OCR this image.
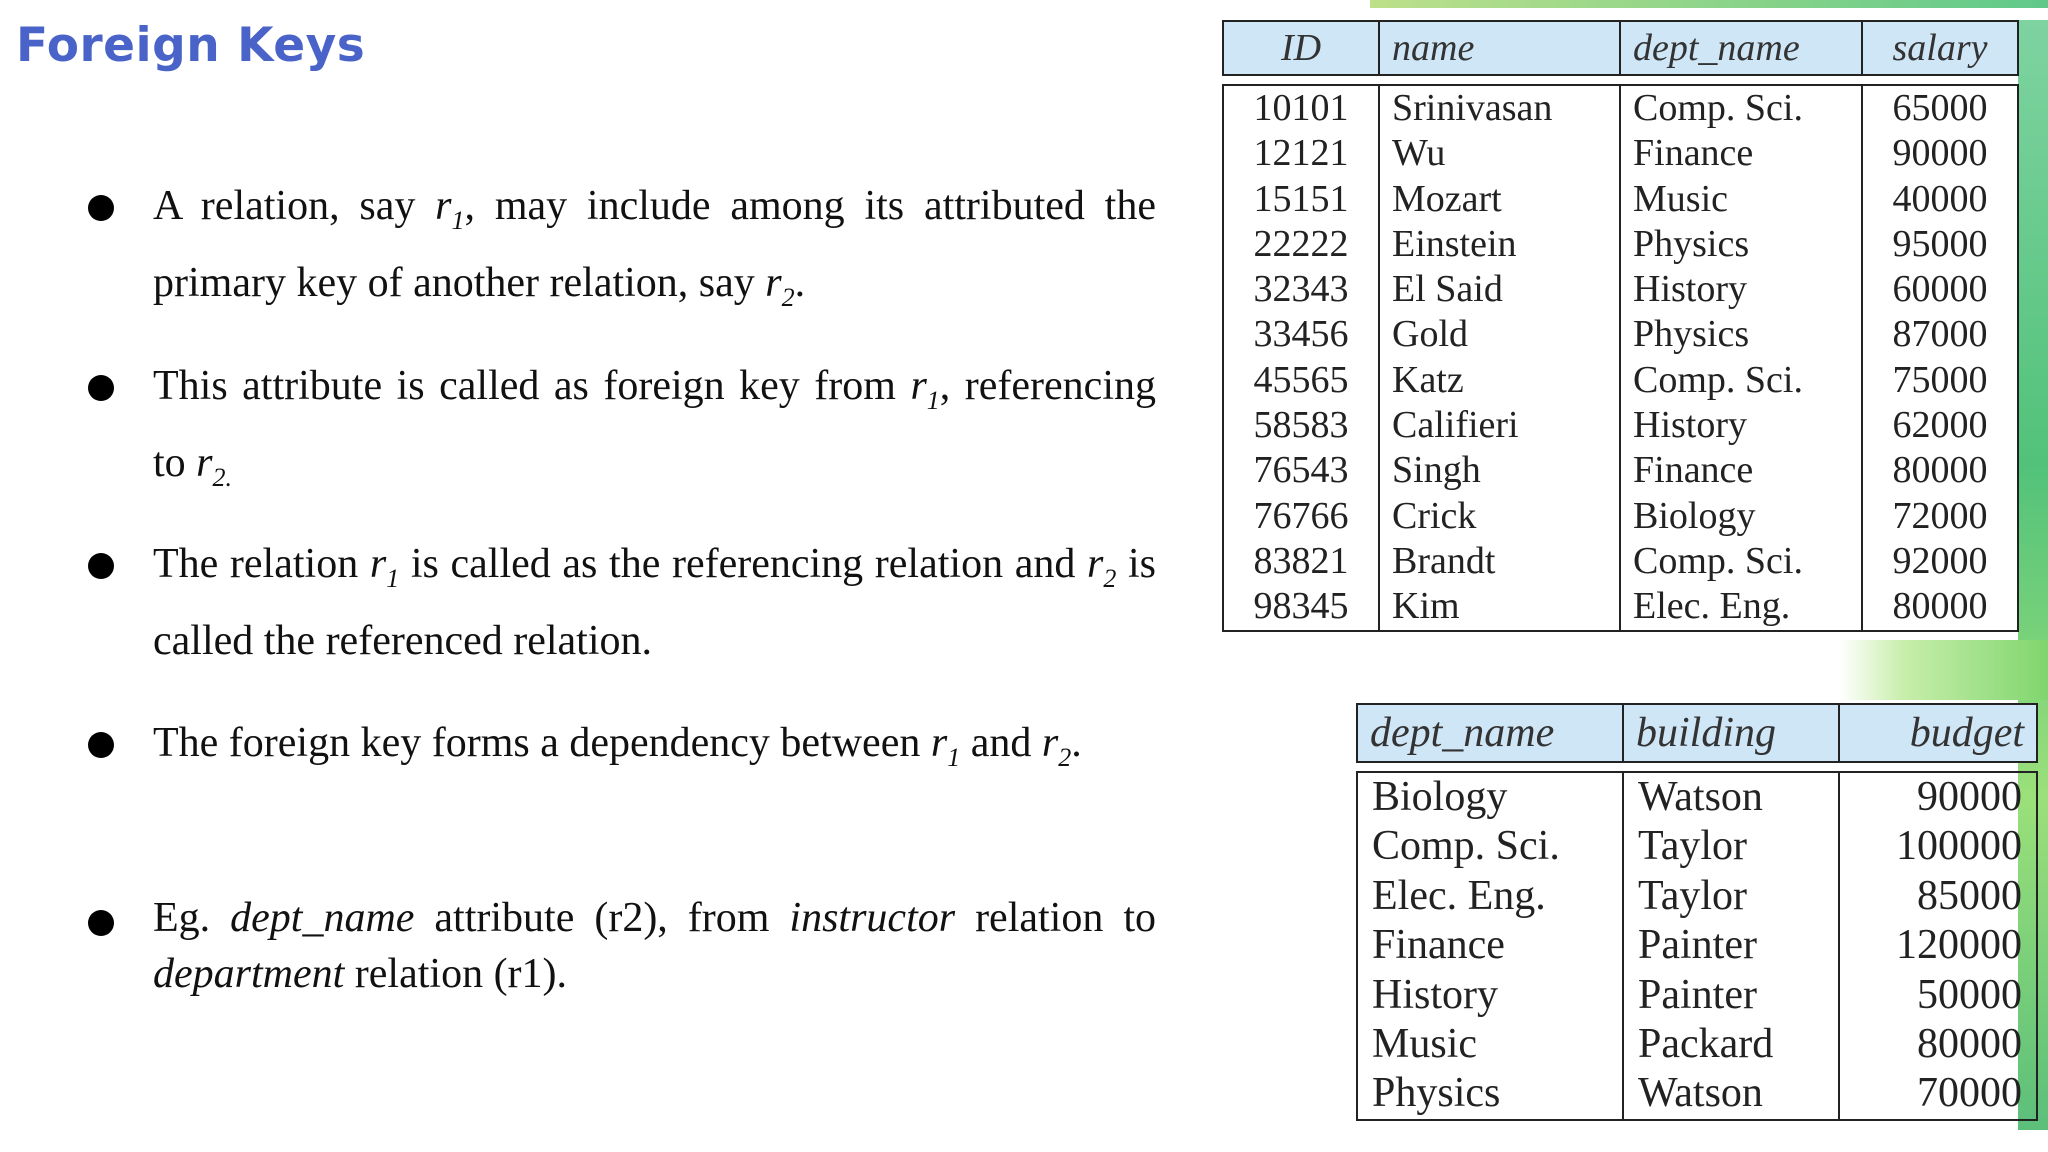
Foreign Keys
A relation, say $r_1$, may include among its attributed the primary key of another relation, say $r_2$.
This attribute is called as foreign key from $r_1$, referencing to $r_{2.}$
The relation $r_1$ is called as the referencing relation and $r_2$ is called the referenced relation.
The foreign key forms a dependency between $r_1$ and $r_2$.
Eg. dept_name attribute (r2), from instructor relation to department relation (r1).
ID	name	dept_name	salary

10101	Srinivasan	Comp. Sci.	65000
12121	Wu	Finance	90000
15151	Mozart	Music	40000
22222	Einstein	Physics	95000
32343	El Said	History	60000
33456	Gold	Physics	87000
45565	Katz	Comp. Sci.	75000
58583	Califieri	History	62000
76543	Singh	Finance	80000
76766	Crick	Biology	72000
83821	Brandt	Comp. Sci.	92000
98345	Kim	Elec. Eng.	80000
dept_name	building	budget

Biology	Watson	90000
Comp. Sci.	Taylor	100000
Elec. Eng.	Taylor	85000
Finance	Painter	120000
History	Painter	50000
Music	Packard	80000
Physics	Watson	70000
